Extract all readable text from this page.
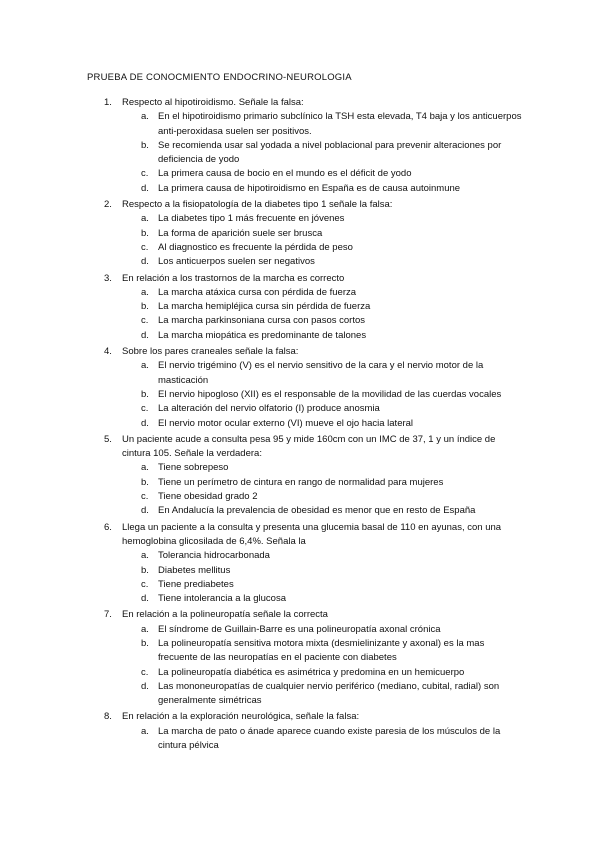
PRUEBA DE CONOCMIENTO ENDOCRINO-NEUROLOGIA
1.	Respecto al hipotiroidismo. Señale la falsa:
a. En el hipotiroidismo primario subclínico la TSH esta elevada, T4 baja y los anticuerpos anti-peroxidasa suelen ser positivos.
b. Se recomienda usar sal yodada a nivel poblacional para prevenir alteraciones por deficiencia de yodo
c. La primera causa de bocio en el mundo es el déficit de yodo
d. La primera causa de hipotiroidismo en España es de causa autoinmune
2.	Respecto a la fisiopatología de la diabetes tipo 1 señale la falsa:
a. La diabetes tipo 1 más frecuente en jóvenes
b. La forma de aparición suele ser brusca
c. Al diagnostico es frecuente la pérdida de peso
d. Los anticuerpos suelen ser negativos
3.	En relación a los trastornos de la marcha es correcto
a. La marcha atáxica cursa con pérdida de fuerza
b. La marcha hemipléjica cursa sin pérdida de fuerza
c. La marcha parkinsoniana cursa con pasos cortos
d. La marcha miopática es predominante de talones
4.	Sobre los pares craneales señale la falsa:
a. El nervio trigémino (V) es el nervio sensitivo de la cara y el nervio motor de la masticación
b. El nervio hipogloso (XII) es el responsable de la movilidad de las cuerdas vocales
c. La alteración del nervio olfatorio (I) produce anosmia
d. El nervio motor ocular externo (VI) mueve el ojo hacia lateral
5.	Un paciente acude a consulta pesa 95 y mide 160cm con un IMC de 37, 1 y un índice de cintura 105. Señale la verdadera:
a. Tiene sobrepeso
b. Tiene un perímetro de cintura en rango de normalidad para mujeres
c. Tiene obesidad grado 2
d. En Andalucía la prevalencia de obesidad es menor que en resto de España
6.	Llega un paciente a la consulta y presenta una glucemia basal de 110 en ayunas, con una hemoglobina glicosilada de 6,4%. Señala la
a. Tolerancia hidrocarbonada
b. Diabetes mellitus
c. Tiene prediabetes
d. Tiene intolerancia a la glucosa
7.	En relación a la polineuropatía señale la correcta
a. El síndrome de Guillain-Barre es una polineuropatía axonal crónica
b. La polineuropatía sensitiva motora mixta (desmielinizante y axonal) es la mas frecuente de las neuropatías en el paciente con diabetes
c. La polineuropatía diabética es asimétrica y predomina en un hemicuerpo
d. Las mononeuropatías de cualquier nervio periférico (mediano, cubital, radial) son generalmente simétricas
8.	En relación a la exploración neurológica, señale la falsa:
a. La marcha de pato o ánade aparece cuando existe paresia de los músculos de la cintura pélvica
